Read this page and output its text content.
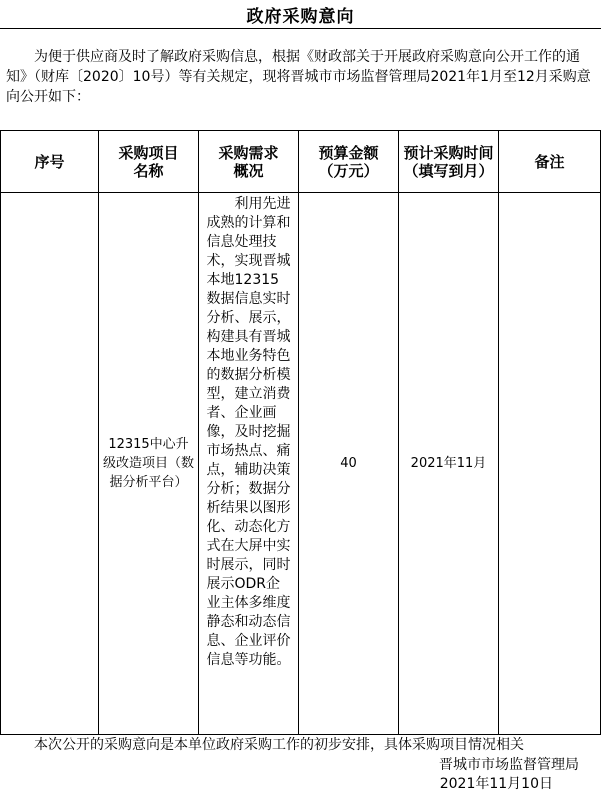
政府采购意向
为便于供应商及时了解政府采购信息，根据《财政部关于开展政府采购意向公开工作的通知》（财库〔2020〕10号）等有关规定，现将晋城市市场监督管理局2021年1月至12月采购意向公开如下：
序号	采购项目名称	采购需求概况	预算金额（万元）	预计采购时间（填写到月）	备注
	12315中心升级改造项目（数据分析平台）	利用先进成熟的计算和信息处理技术，实现晋城本地12315数据信息实时分析、展示，构建具有晋城本地业务特色的数据分析模型，建立消费者、企业画像，及时挖掘市场热点、痛点，辅助决策分析；数据分析结果以图形化、动态化方式在大屏中实时展示，同时展示ODR企业主体多维度静态和动态信息、企业评价信息等功能。	40	2021年11月	
本次公开的采购意向是本单位政府采购工作的初步安排，具体采购项目情况相关
晋城市市场监督管理局
2021年11月10日
